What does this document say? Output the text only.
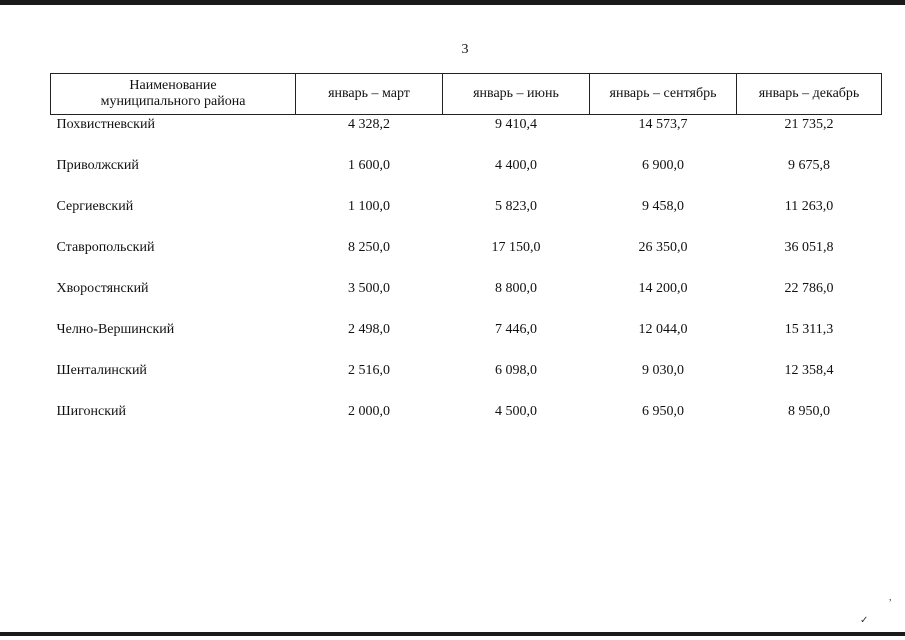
3
Наименование
муниципального района	январь – март	январь – июнь	январь – сентябрь	январь – декабрь
Похвистневский	4 328,2	9 410,4	14 573,7	21 735,2
Приволжский	1 600,0	4 400,0	6 900,0	9 675,8
Сергиевский	1 100,0	5 823,0	9 458,0	11 263,0
Ставропольский	8 250,0	17 150,0	26 350,0	36 051,8
Хворостянский	3 500,0	8 800,0	14 200,0	22 786,0
Челно-Вершинский	2 498,0	7 446,0	12 044,0	15 311,3
Шенталинский	2 516,0	6 098,0	9 030,0	12 358,4
Шигонский	2 000,0	4 500,0	6 950,0	8 950,0
,
✓
